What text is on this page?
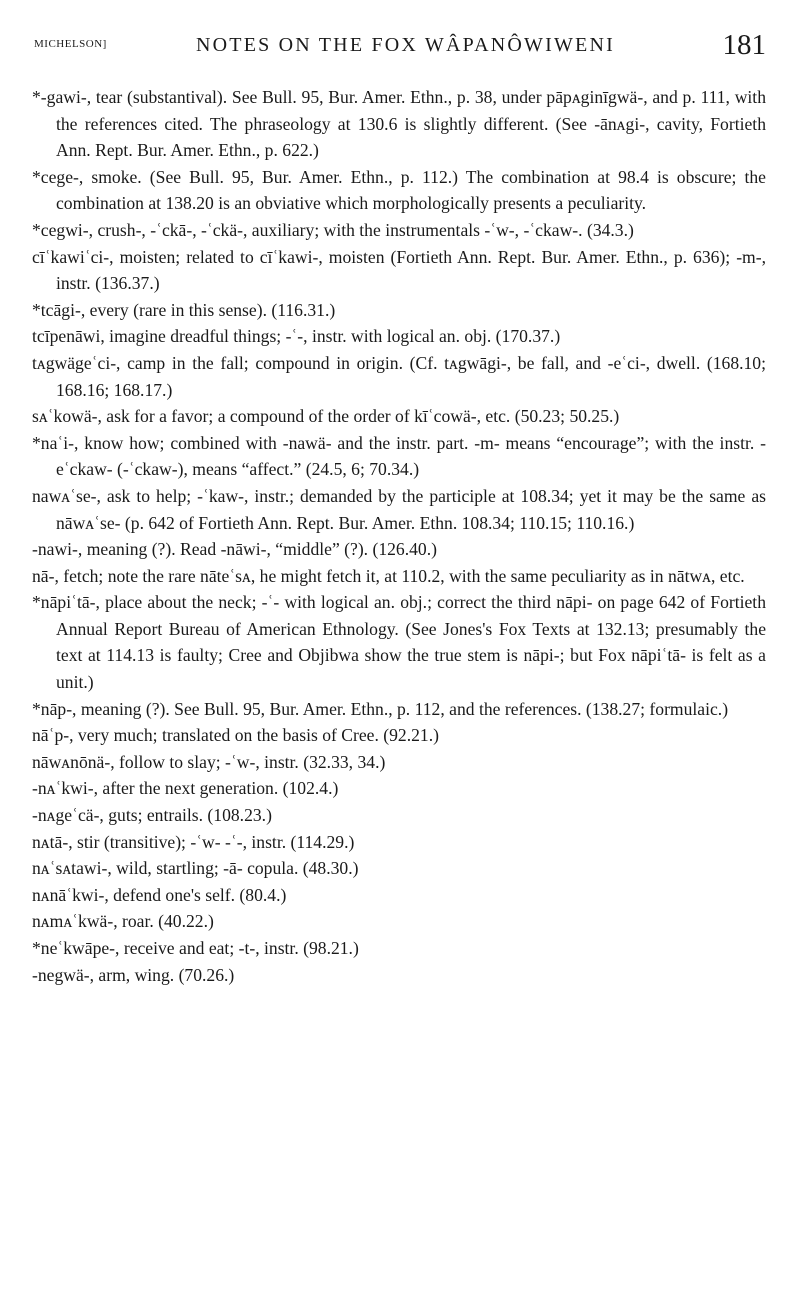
MICHELSON]	NOTES ON THE FOX WÂPANÔWIWENI	181

*-gawi-, tear (substantival). See Bull. 95, Bur. Amer. Ethn., p. 38, under pāpᴀginīgwä-, and p. 111, with the references cited. The phraseology at 130.6 is slightly different. (See -ānᴀgi-, cavity, Fortieth Ann. Rept. Bur. Amer. Ethn., p. 622.)

*cege-, smoke. (See Bull. 95, Bur. Amer. Ethn., p. 112.) The combination at 98.4 is obscure; the combination at 138.20 is an obviative which morphologically presents a peculiarity.

*cegwi-, crush-, -ʿckā-, -ʿckä-, auxiliary; with the instrumentals -ʿw-, -ʿckaw-. (34.3.)

cīʿkawiʿci-, moisten; related to cīʿkawi-, moisten (Fortieth Ann. Rept. Bur. Amer. Ethn., p. 636); -m-, instr. (136.37.)

*tcāgi-, every (rare in this sense). (116.31.)

tcīpenāwi, imagine dreadful things; -ʿ-, instr. with logical an. obj. (170.37.)

tᴀgwägeʿci-, camp in the fall; compound in origin. (Cf. tᴀgwāgi-, be fall, and -eʿci-, dwell. (168.10; 168.16; 168.17.)

sᴀʿkowä-, ask for a favor; a compound of the order of kīʿcowä-, etc. (50.23; 50.25.)

*naʿi-, know how; combined with -nawä- and the instr. part. -m- means “encourage”; with the instr. -eʿckaw- (-ʿckaw-), means “affect.” (24.5, 6; 70.34.)

nawᴀʿse-, ask to help; -ʿkaw-, instr.; demanded by the participle at 108.34; yet it may be the same as nāwᴀʿse- (p. 642 of Fortieth Ann. Rept. Bur. Amer. Ethn. 108.34; 110.15; 110.16.)

-nawi-, meaning (?). Read -nāwi-, “middle” (?). (126.40.)

nā-, fetch; note the rare nāteʿsᴀ, he might fetch it, at 110.2, with the same peculiarity as in nātwᴀ, etc.

*nāpiʿtā-, place about the neck; -ʿ- with logical an. obj.; correct the third nāpi- on page 642 of Fortieth Annual Report Bureau of American Ethnology. (See Jones's Fox Texts at 132.13; presumably the text at 114.13 is faulty; Cree and Objibwa show the true stem is nāpi-; but Fox nāpiʿtā- is felt as a unit.)

*nāp-, meaning (?). See Bull. 95, Bur. Amer. Ethn., p. 112, and the references. (138.27; formulaic.)

nāʿp-, very much; translated on the basis of Cree. (92.21.)

nāwᴀnōnä-, follow to slay; -ʿw-, instr. (32.33, 34.)

-nᴀʿkwi-, after the next generation. (102.4.)

-nᴀgeʿcä-, guts; entrails. (108.23.)

nᴀtā-, stir (transitive); -ʿw- -ʿ-, instr. (114.29.)

nᴀʿsᴀtawi-, wild, startling; -ā- copula. (48.30.)

nᴀnāʿkwi-, defend one's self. (80.4.)

nᴀmᴀʿkwä-, roar. (40.22.)

*neʿkwāpe-, receive and eat; -t-, instr. (98.21.)

-negwä-, arm, wing. (70.26.)
